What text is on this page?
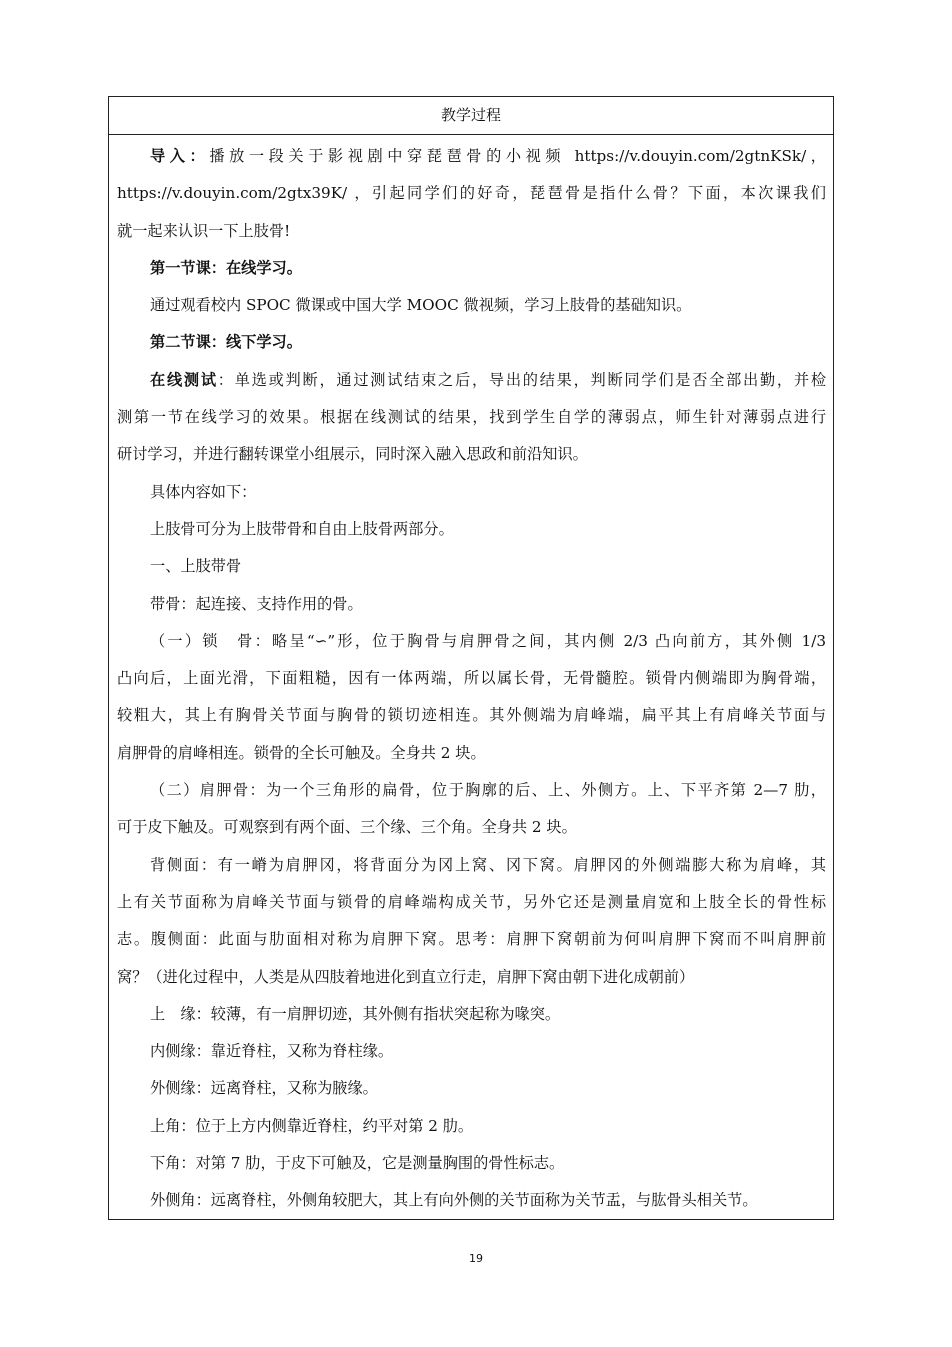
教学过程
导入：播放一段关于影视剧中穿琵琶骨的小视频 https://v.douyin.com/2gtnKSk/，
https://v.douyin.com/2gtx39K/ ，引起同学们的好奇，琵琶骨是指什么骨？下面，本次课我们
就一起来认识一下上肢骨!

第一节课：在线学习。

通过观看校内 SPOC 微课或中国大学 MOOC 微视频，学习上肢骨的基础知识。

第二节课：线下学习。

在线测试：单选或判断，通过测试结束之后，导出的结果，判断同学们是否全部出勤，并检
测第一节在线学习的效果。根据在线测试的结果，找到学生自学的薄弱点，师生针对薄弱点进行
研讨学习，并进行翻转课堂小组展示，同时深入融入思政和前沿知识。

具体内容如下：

上肢骨可分为上肢带骨和自由上肢骨两部分。

一、上肢带骨

带骨：起连接、支持作用的骨。

（一）锁　骨：略呈“∽”形，位于胸骨与肩胛骨之间，其内侧 2/3 凸向前方，其外侧 1/3
凸向后，上面光滑，下面粗糙，因有一体两端，所以属长骨，无骨髓腔。锁骨内侧端即为胸骨端，
较粗大，其上有胸骨关节面与胸骨的锁切迹相连。其外侧端为肩峰端，扁平其上有肩峰关节面与
肩胛骨的肩峰相连。锁骨的全长可触及。全身共 2 块。
（二）肩胛骨：为一个三角形的扁骨，位于胸廓的后、上、外侧方。上、下平齐第 2—7 肋，
可于皮下触及。可观察到有两个面、三个缘、三个角。全身共 2 块。
背侧面：有一嵴为肩胛冈，将背面分为冈上窝、冈下窝。肩胛冈的外侧端膨大称为肩峰，其
上有关节面称为肩峰关节面与锁骨的肩峰端构成关节，另外它还是测量肩宽和上肢全长的骨性标
志。腹侧面：此面与肋面相对称为肩胛下窝。思考：肩胛下窝朝前为何叫肩胛下窝而不叫肩胛前
窝？（进化过程中，人类是从四肢着地进化到直立行走，肩胛下窝由朝下进化成朝前）

上　缘：较薄，有一肩胛切迹，其外侧有指状突起称为喙突。

内侧缘：靠近脊柱，又称为脊柱缘。

外侧缘：远离脊柱，又称为腋缘。

上角：位于上方内侧靠近脊柱，约平对第 2 肋。

下角：对第 7 肋，于皮下可触及，它是测量胸围的骨性标志。

外侧角：远离脊柱，外侧角较肥大，其上有向外侧的关节面称为关节盂，与肱骨头相关节。

19
